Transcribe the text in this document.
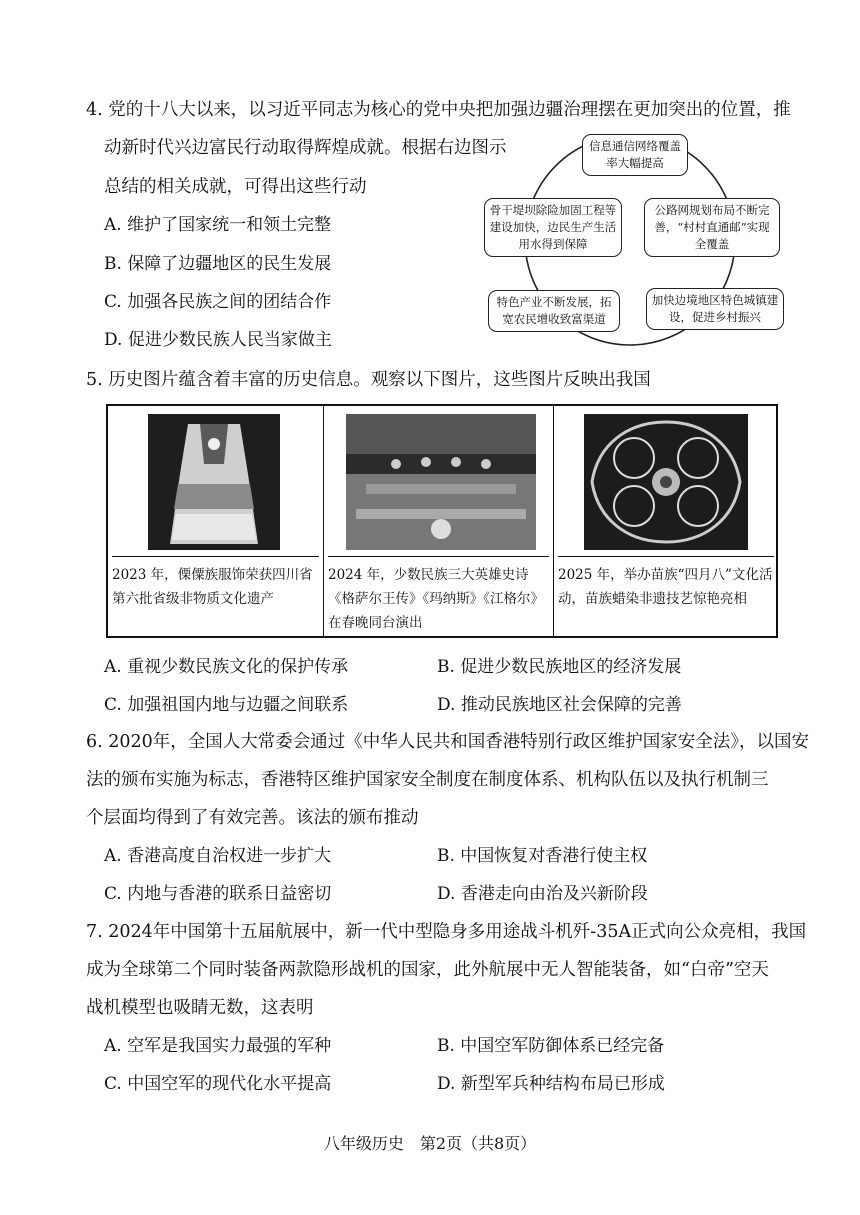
4. 党的十八大以来，以习近平同志为核心的党中央把加强边疆治理摆在更加突出的位置，推
动新时代兴边富民行动取得辉煌成就。根据右边图示
总结的相关成就，可得出这些行动
A. 维护了国家统一和领土完整
B. 保障了边疆地区的民生发展
C. 加强各民族之间的团结合作
D. 促进少数民族人民当家做主
信息通信网络覆盖率大幅提高
骨干堤坝除险加固工程等建设加快，边民生产生活用水得到保障
公路网规划布局不断完善，“村村直通邮”实现全覆盖
特色产业不断发展，拓宽农民增收致富渠道
加快边境地区特色城镇建设，促进乡村振兴
5. 历史图片蕴含着丰富的历史信息。观察以下图片，这些图片反映出我国
2023 年，傈僳族服饰荣获四川省第六批省级非物质文化遗产
2024 年，少数民族三大英雄史诗《格萨尔王传》《玛纳斯》《江格尔》在春晚同台演出
2025 年，举办苗族“四月八”文化活动，苗族蜡染非遗技艺惊艳亮相
A. 重视少数民族文化的保护传承	B. 促进少数民族地区的经济发展
C. 加强祖国内地与边疆之间联系	D. 推动民族地区社会保障的完善
6. 2020年，全国人大常委会通过《中华人民共和国香港特别行政区维护国家安全法》，以国安
法的颁布实施为标志，香港特区维护国家安全制度在制度体系、机构队伍以及执行机制三
个层面均得到了有效完善。该法的颁布推动
A. 香港高度自治权进一步扩大	B. 中国恢复对香港行使主权
C. 内地与香港的联系日益密切	D. 香港走向由治及兴新阶段
7. 2024年中国第十五届航展中，新一代中型隐身多用途战斗机歼-35A正式向公众亮相，我国
成为全球第二个同时装备两款隐形战机的国家，此外航展中无人智能装备，如“白帝”空天
战机模型也吸睛无数，这表明
A. 空军是我国实力最强的军种	B. 中国空军防御体系已经完备
C. 中国空军的现代化水平提高	D. 新型军兵种结构布局已形成
八年级历史　第2页（共8页）
